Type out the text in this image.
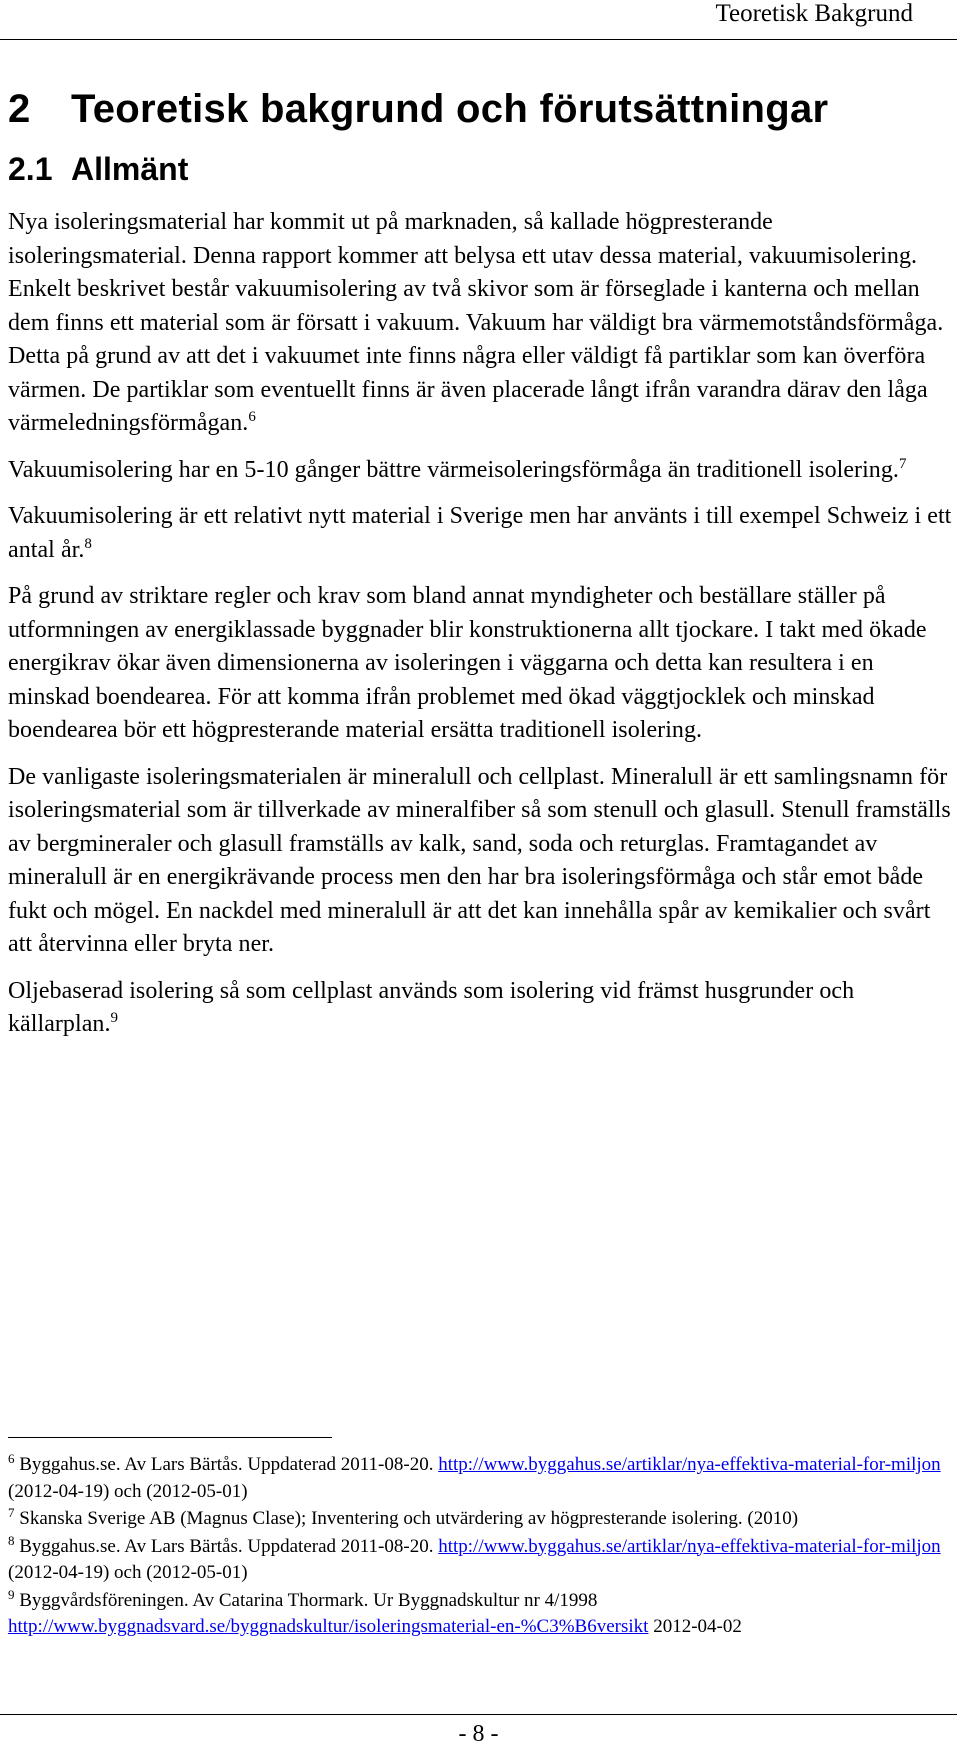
Teoretisk Bakgrund
2 Teoretisk bakgrund och förutsättningar
2.1 Allmänt

Nya isoleringsmaterial har kommit ut på marknaden, så kallade högpresterande isoleringsmaterial. Denna rapport kommer att belysa ett utav dessa material, vakuumisolering. Enkelt beskrivet består vakuumisolering av två skivor som är förseglade i kanterna och mellan dem finns ett material som är försatt i vakuum. Vakuum har väldigt bra värmemotståndsförmåga. Detta på grund av att det i vakuumet inte finns några eller väldigt få partiklar som kan överföra värmen. De partiklar som eventuellt finns är även placerade långt ifrån varandra därav den låga värmeledningsförmågan.$^6$

Vakuumisolering har en 5-10 gånger bättre värmeisoleringsförmåga än traditionell isolering.$^7$

Vakuumisolering är ett relativt nytt material i Sverige men har använts i till exempel Schweiz i ett antal år.$^8$

På grund av striktare regler och krav som bland annat myndigheter och beställare ställer på utformningen av energiklassade byggnader blir konstruktionerna allt tjockare. I takt med ökade energikrav ökar även dimensionerna av isoleringen i väggarna och detta kan resultera i en minskad boendearea. För att komma ifrån problemet med ökad väggtjocklek och minskad boendearea bör ett högpresterande material ersätta traditionell isolering.

De vanligaste isoleringsmaterialen är mineralull och cellplast. Mineralull är ett samlingsnamn för isoleringsmaterial som är tillverkade av mineralfiber så som stenull och glasull. Stenull framställs av bergmineraler och glasull framställs av kalk, sand, soda och returglas. Framtagandet av mineralull är en energikrävande process men den har bra isoleringsförmåga och står emot både fukt och mögel. En nackdel med mineralull är att det kan innehålla spår av kemikalier och svårt att återvinna eller bryta ner.

Oljebaserad isolering så som cellplast används som isolering vid främst husgrunder och källarplan.$^9$

$^6$ Byggahus.se. Av Lars Bärtås. Uppdaterad 2011-08-20. http://www.byggahus.se/artiklar/nya-effektiva-material-for-miljon (2012-04-19) och (2012-05-01)
$^7$ Skanska Sverige AB (Magnus Clase); Inventering och utvärdering av högpresterande isolering. (2010)
$^8$ Byggahus.se. Av Lars Bärtås. Uppdaterad 2011-08-20. http://www.byggahus.se/artiklar/nya-effektiva-material-for-miljon (2012-04-19) och (2012-05-01)
$^9$ Byggvårdsföreningen. Av Catarina Thormark. Ur Byggnadskultur nr 4/1998
http://www.byggnadsvard.se/byggnadskultur/isoleringsmaterial-en-%C3%B6versikt 2012-04-02
- 8 -
